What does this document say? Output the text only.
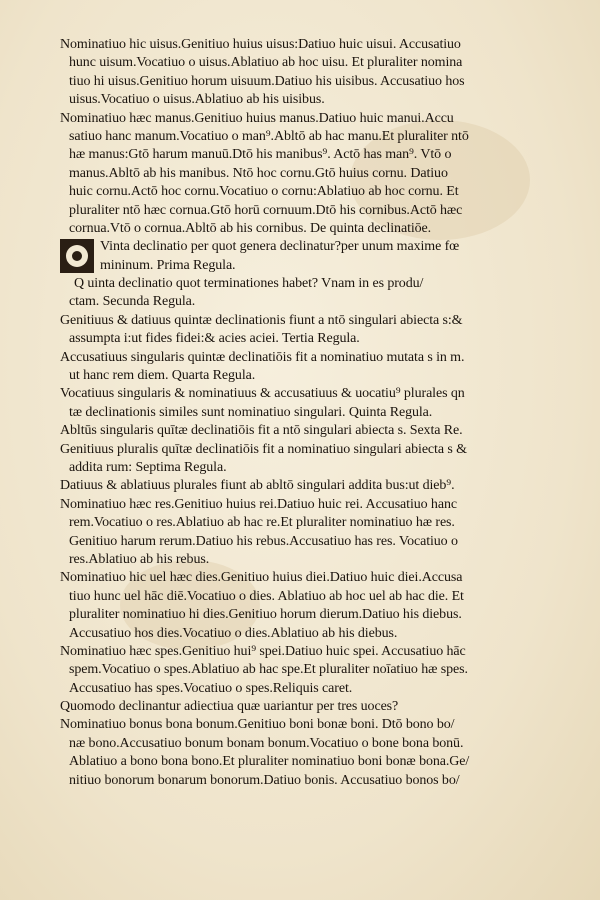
Nominatiuo hic uisus.Genitiuo huius uisus:Datiuo huic uisui. Accusatiuo
hunc uisum.Vocatiuo o uisus.Ablatiuo ab hoc uisu. Et pluraliter nomina
tiuo hi uisus.Genitiuo horum uisuum.Datiuo his uisibus. Accusatiuo hos
uisus.Vocatiuo o uisus.Ablatiuo ab his uisibus.
Nominatiuo hæc manus.Genitiuo huius manus.Datiuo huic manui.Accu
satiuo hanc manum.Vocatiuo o man⁹.Abltō ab hac manu.Et pluraliter ntō
hæ manus:Gtō harum manuū.Dtō his manibus⁹. Actō has man⁹. Vtō o
manus.Abltō ab his manibus. Ntō hoc cornu.Gtō huius cornu. Datiuo
huic cornu.Actō hoc cornu.Vocatiuo o cornu:Ablatiuo ab hoc cornu. Et
pluraliter ntō hæc cornua.Gtō horū cornuum.Dtō his cornibus.Actō hæc
cornua.Vtō o cornua.Abltō ab his cornibus. De quinta declinatiōe.
Vinta declinatio per quot genera declinatur?per unum maxime fœ
mininum. Prima Regula.
Q uinta declinatio quot terminationes habet? Vnam in es produ/
ctam. Secunda Regula.
Genitiuus & datiuus quintæ declinationis fiunt a ntō singulari abiecta s:&
assumpta i:ut fides fidei:& acies aciei. Tertia Regula.
Accusatiuus singularis quintæ declinatiōis fit a nominatiuo mutata s in m.
ut hanc rem diem. Quarta Regula.
Vocatiuus singularis & nominatiuus & accusatiuus & uocatiu⁹ plurales qn
tæ declinationis similes sunt nominatiuo singulari. Quinta Regula.
Abltūs singularis quītæ declinatiōis fit a ntō singulari abiecta s. Sexta Re.
Genitiuus pluralis quītæ declinatiōis fit a nominatiuo singulari abiecta s &
addita rum: Septima Regula.
Datiuus & ablatiuus plurales fiunt ab abltō singulari addita bus:ut dieb⁹.
Nominatiuo hæc res.Genitiuo huius rei.Datiuo huic rei. Accusatiuo hanc
rem.Vocatiuo o res.Ablatiuo ab hac re.Et pluraliter nominatiuo hæ res.
Genitiuo harum rerum.Datiuo his rebus.Accusatiuo has res. Vocatiuo o
res.Ablatiuo ab his rebus.
Nominatiuo hic uel hæc dies.Genitiuo huius diei.Datiuo huic diei.Accusa
tiuo hunc uel hāc diē.Vocatiuo o dies. Ablatiuo ab hoc uel ab hac die. Et
pluraliter nominatiuo hi dies.Genitiuo horum dierum.Datiuo his diebus.
Accusatiuo hos dies.Vocatiuo o dies.Ablatiuo ab his diebus.
Nominatiuo hæc spes.Genitiuo hui⁹ spei.Datiuo huic spei. Accusatiuo hāc
spem.Vocatiuo o spes.Ablatiuo ab hac spe.Et pluraliter noīatiuo hæ spes.
Accusatiuo has spes.Vocatiuo o spes.Reliquis caret.
Quomodo declinantur adiectiua quæ uariantur per tres uoces?
Nominatiuo bonus bona bonum.Genitiuo boni bonæ boni. Dtō bono bo/
næ bono.Accusatiuo bonum bonam bonum.Vocatiuo o bone bona bonū.
Ablatiuo a bono bona bono.Et pluraliter nominatiuo boni bonæ bona.Ge/
nitiuo bonorum bonarum bonorum.Datiuo bonis. Accusatiuo bonos bo/
